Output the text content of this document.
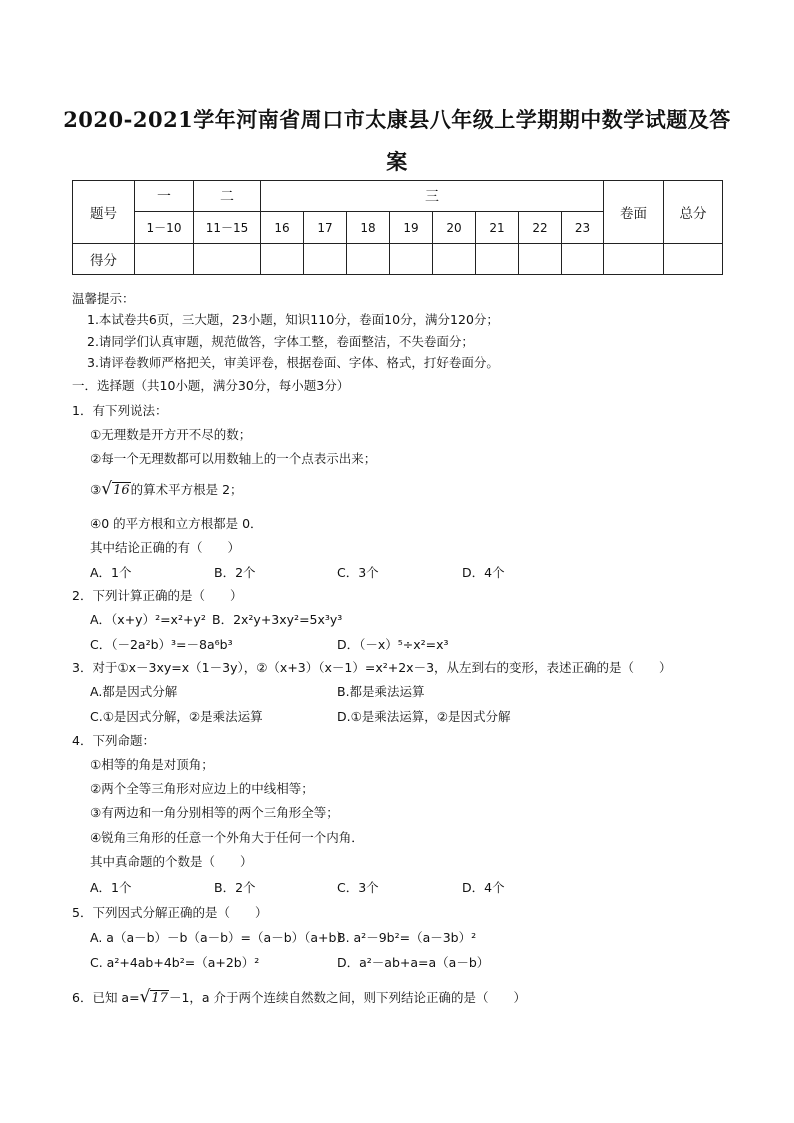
2020-2021学年河南省周口市太康县八年级上学期期中数学试题及答
案
题号	一	二	三								卷面	总分
	1－10	11－15	16	17	18	19	20	21	22	23		
得分												
温馨提示：
1.本试卷共6页，三大题，23小题，知识110分，卷面10分，满分120分；
2.请同学们认真审题，规范做答，字体工整，卷面整洁，不失卷面分；
3.请评卷教师严格把关，审美评卷，根据卷面、字体、格式，打好卷面分。
一．选择题（共10小题，满分30分，每小题3分）
1．有下列说法：
①无理数是开方开不尽的数；
②每一个无理数都可以用数轴上的一个点表示出来；
③√16的算术平方根是 2；
④0 的平方根和立方根都是 0．
其中结论正确的有（　　）
A．1个	B．2个	C．3个	D．4个
2．下列计算正确的是（　　）
A．（x+y）²=x²+y² B．2x²y+3xy²=5x³y³
C．（－2a²b）³=－8a⁶b³	D．（－x）⁵÷x²=x³
3．对于①x－3xy=x（1－3y），②（x+3）（x－1）=x²+2x－3，从左到右的变形，表述正确的是（　　）
A.都是因式分解	B.都是乘法运算
C.①是因式分解，②是乘法运算	D.①是乘法运算，②是因式分解
4．下列命题：
①相等的角是对顶角；
②两个全等三角形对应边上的中线相等；
③有两边和一角分别相等的两个三角形全等；
④锐角三角形的任意一个外角大于任何一个内角．
其中真命题的个数是（　　）
A．1个	B．2个	C．3个	D．4个
5．下列因式分解正确的是（　　）
A. a（a－b）－b（a－b）=（a－b）（a+b）
B. a²－9b²=（a－3b）²
C. a²+4ab+4b²=（a+2b）²	D．a²－ab+a=a（a－b）
6．已知 a=√17－1，a 介于两个连续自然数之间，则下列结论正确的是（　　）
